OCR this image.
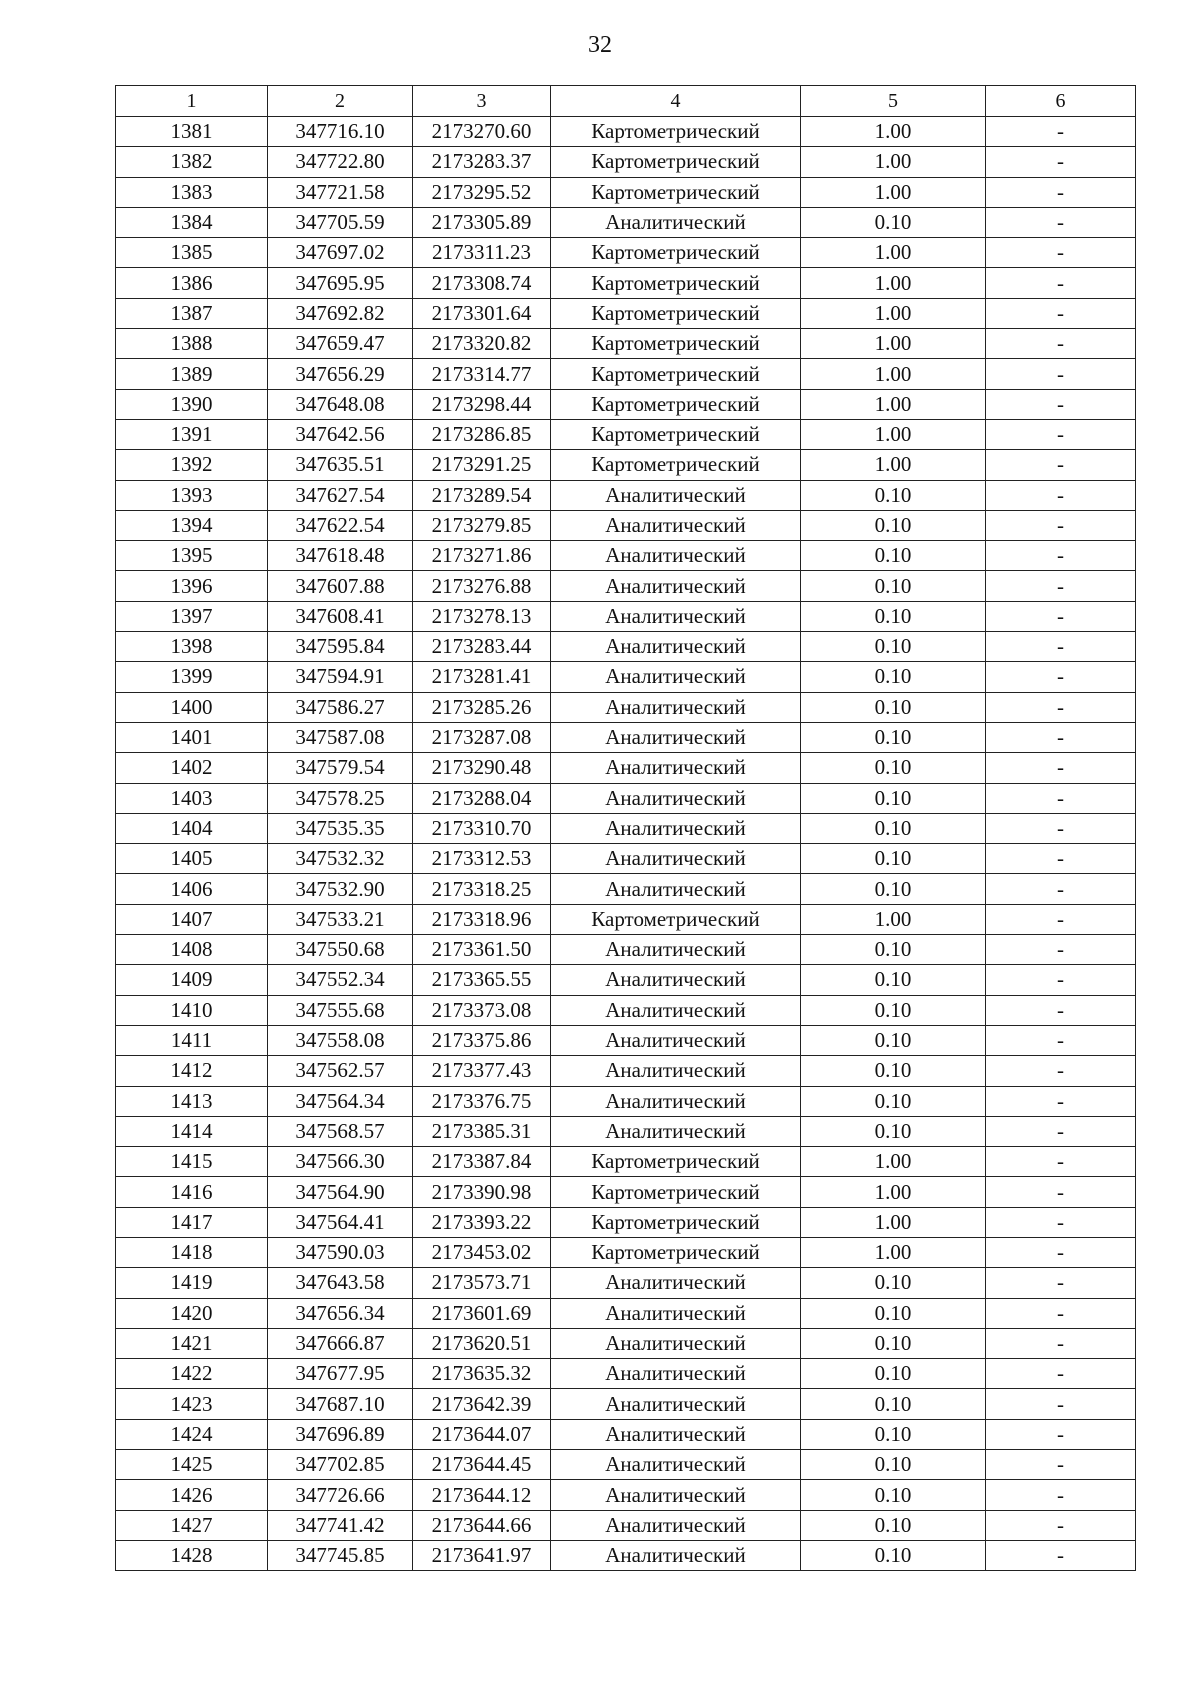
32
1	2	3	4	5	6
1381	347716.10	2173270.60	Картометрический	1.00	-
1382	347722.80	2173283.37	Картометрический	1.00	-
1383	347721.58	2173295.52	Картометрический	1.00	-
1384	347705.59	2173305.89	Аналитический	0.10	-
1385	347697.02	2173311.23	Картометрический	1.00	-
1386	347695.95	2173308.74	Картометрический	1.00	-
1387	347692.82	2173301.64	Картометрический	1.00	-
1388	347659.47	2173320.82	Картометрический	1.00	-
1389	347656.29	2173314.77	Картометрический	1.00	-
1390	347648.08	2173298.44	Картометрический	1.00	-
1391	347642.56	2173286.85	Картометрический	1.00	-
1392	347635.51	2173291.25	Картометрический	1.00	-
1393	347627.54	2173289.54	Аналитический	0.10	-
1394	347622.54	2173279.85	Аналитический	0.10	-
1395	347618.48	2173271.86	Аналитический	0.10	-
1396	347607.88	2173276.88	Аналитический	0.10	-
1397	347608.41	2173278.13	Аналитический	0.10	-
1398	347595.84	2173283.44	Аналитический	0.10	-
1399	347594.91	2173281.41	Аналитический	0.10	-
1400	347586.27	2173285.26	Аналитический	0.10	-
1401	347587.08	2173287.08	Аналитический	0.10	-
1402	347579.54	2173290.48	Аналитический	0.10	-
1403	347578.25	2173288.04	Аналитический	0.10	-
1404	347535.35	2173310.70	Аналитический	0.10	-
1405	347532.32	2173312.53	Аналитический	0.10	-
1406	347532.90	2173318.25	Аналитический	0.10	-
1407	347533.21	2173318.96	Картометрический	1.00	-
1408	347550.68	2173361.50	Аналитический	0.10	-
1409	347552.34	2173365.55	Аналитический	0.10	-
1410	347555.68	2173373.08	Аналитический	0.10	-
1411	347558.08	2173375.86	Аналитический	0.10	-
1412	347562.57	2173377.43	Аналитический	0.10	-
1413	347564.34	2173376.75	Аналитический	0.10	-
1414	347568.57	2173385.31	Аналитический	0.10	-
1415	347566.30	2173387.84	Картометрический	1.00	-
1416	347564.90	2173390.98	Картометрический	1.00	-
1417	347564.41	2173393.22	Картометрический	1.00	-
1418	347590.03	2173453.02	Картометрический	1.00	-
1419	347643.58	2173573.71	Аналитический	0.10	-
1420	347656.34	2173601.69	Аналитический	0.10	-
1421	347666.87	2173620.51	Аналитический	0.10	-
1422	347677.95	2173635.32	Аналитический	0.10	-
1423	347687.10	2173642.39	Аналитический	0.10	-
1424	347696.89	2173644.07	Аналитический	0.10	-
1425	347702.85	2173644.45	Аналитический	0.10	-
1426	347726.66	2173644.12	Аналитический	0.10	-
1427	347741.42	2173644.66	Аналитический	0.10	-
1428	347745.85	2173641.97	Аналитический	0.10	-
